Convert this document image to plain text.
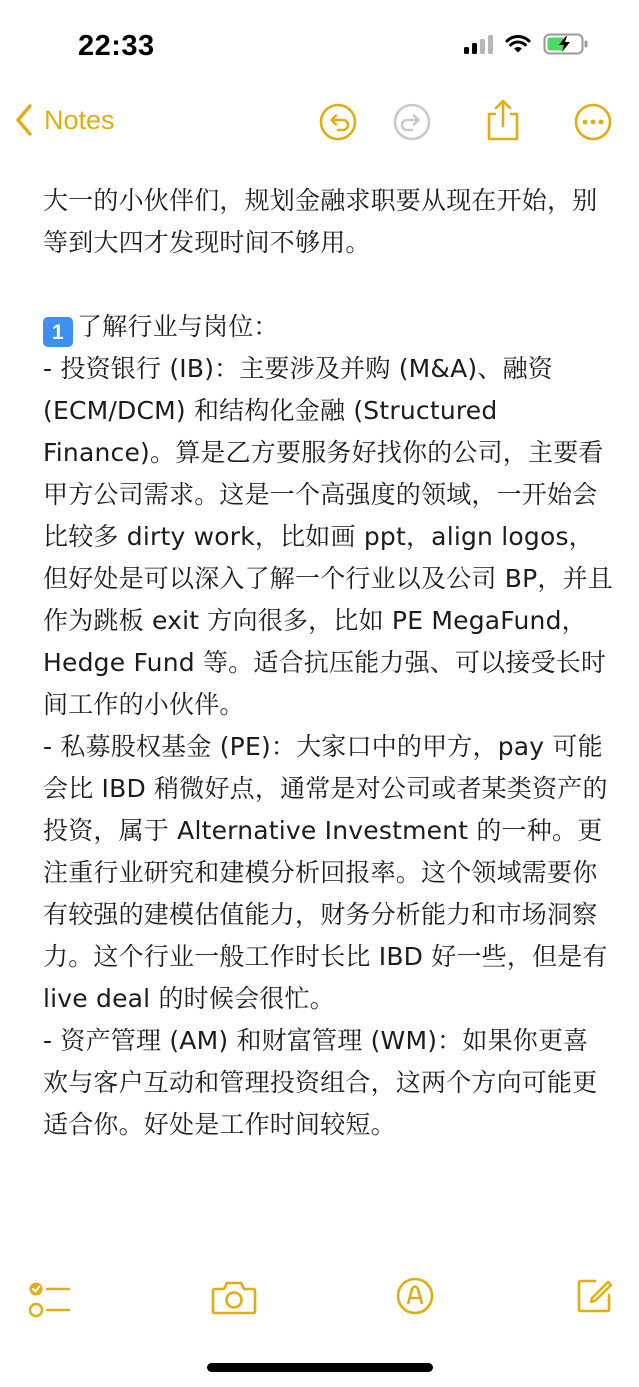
22:33
Notes

大一的小伙伴们，规划金融求职要从现在开始，别等到大四才发现时间不够用。

1 了解行业与岗位：

- 投资银行 (IB)：主要涉及并购 (M&A)、融资 (ECM/DCM) 和结构化金融 (Structured Finance)。算是乙方要服务好找你的公司，主要看甲方公司需求。这是一个高强度的领域，一开始会比较多 dirty work，比如画 ppt，align logos，但好处是可以深入了解一个行业以及公司 BP，并且作为跳板 exit 方向很多，比如 PE MegaFund，Hedge Fund 等。适合抗压能力强、可以接受长时间工作的小伙伴。

- 私募股权基金 (PE)：大家口中的甲方，pay 可能会比 IBD 稍微好点，通常是对公司或者某类资产的投资，属于 Alternative Investment 的一种。更注重行业研究和建模分析回报率。这个领域需要你有较强的建模估值能力，财务分析能力和市场洞察力。这个行业一般工作时长比 IBD 好一些，但是有 live deal 的时候会很忙。

- 资产管理 (AM) 和财富管理 (WM)：如果你更喜欢与客户互动和管理投资组合，这两个方向可能更适合你。好处是工作时间较短。
